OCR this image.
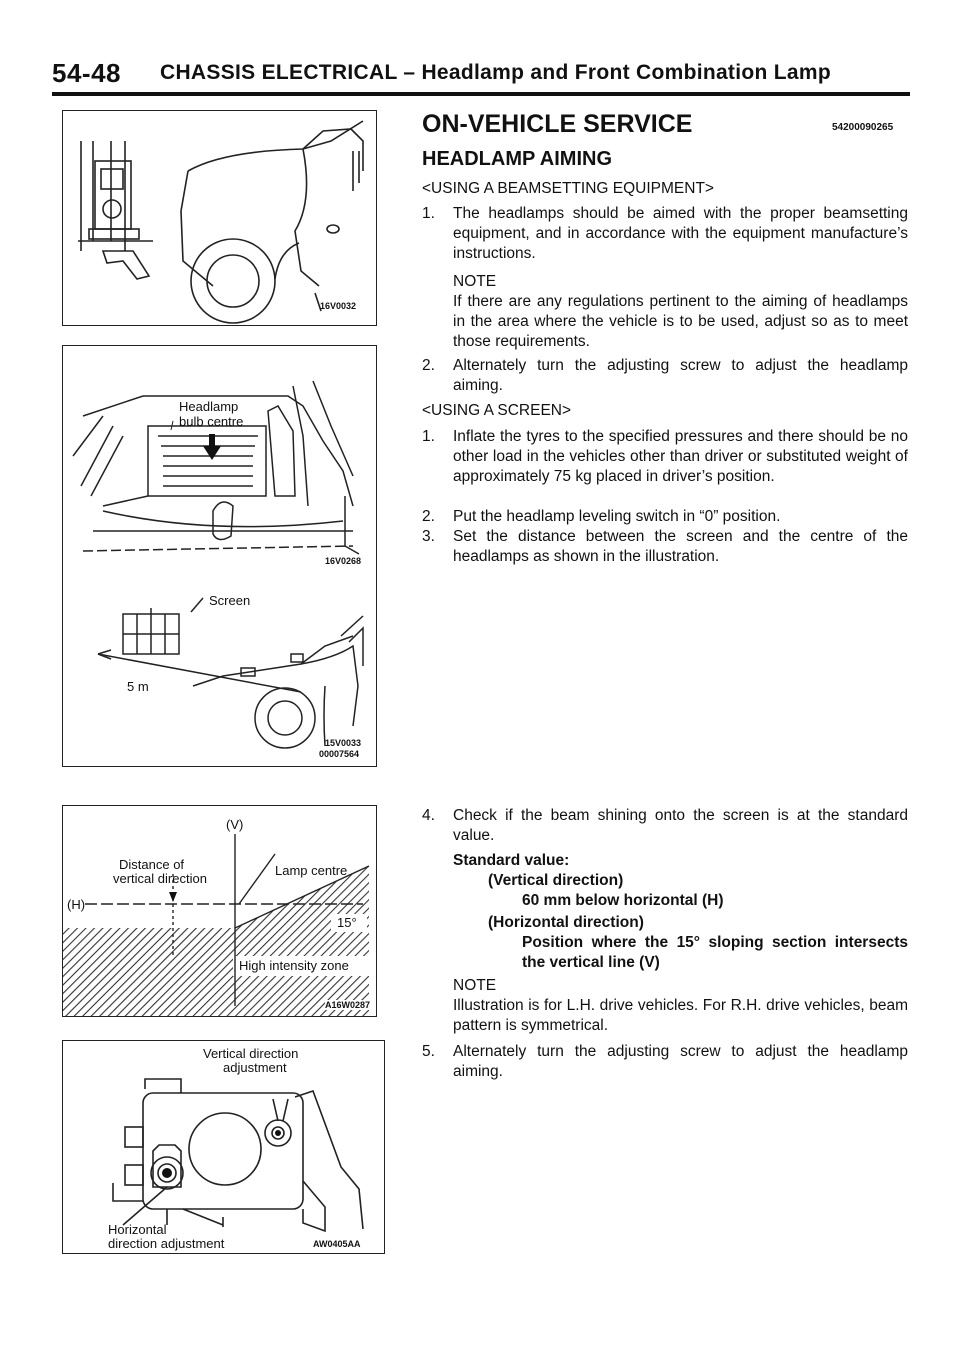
54-48 CHASSIS ELECTRICAL – Headlamp and Front Combination Lamp
16V0032
Headlamp
bulb centre
16V0268
Screen
5 m
15V0033
00007564
(V)
(H)
Distance of
vertical direction
Lamp centre
15°
High intensity zone
A16W0287
Vertical direction
adjustment
Horizontal
direction adjustment	AW0405AA
ON-VEHICLE SERVICE	54200090265
HEADLAMP AIMING
<USING A BEAMSETTING EQUIPMENT>
1. The headlamps should be aimed with the proper beamsetting equipment, and in accordance with the equipment manufacture’s instructions.
NOTE
If there are any regulations pertinent to the aiming of headlamps in the area where the vehicle is to be used, adjust so as to meet those requirements.
2. Alternately turn the adjusting screw to adjust the headlamp aiming.
<USING A SCREEN>
1. Inflate the tyres to the specified pressures and there should be no other load in the vehicles other than driver or substituted weight of approximately 75 kg placed in driver’s position.
2. Put the headlamp leveling switch in “0” position.
3. Set the distance between the screen and the centre of the headlamps as shown in the illustration.
4. Check if the beam shining onto the screen is at the standard value.
Standard value:
(Vertical direction)
60 mm below horizontal (H)
(Horizontal direction)
Position where the 15° sloping section intersects the vertical line (V)
NOTE
Illustration is for L.H. drive vehicles. For R.H. drive vehicles, beam pattern is symmetrical.
5. Alternately turn the adjusting screw to adjust the headlamp aiming.
